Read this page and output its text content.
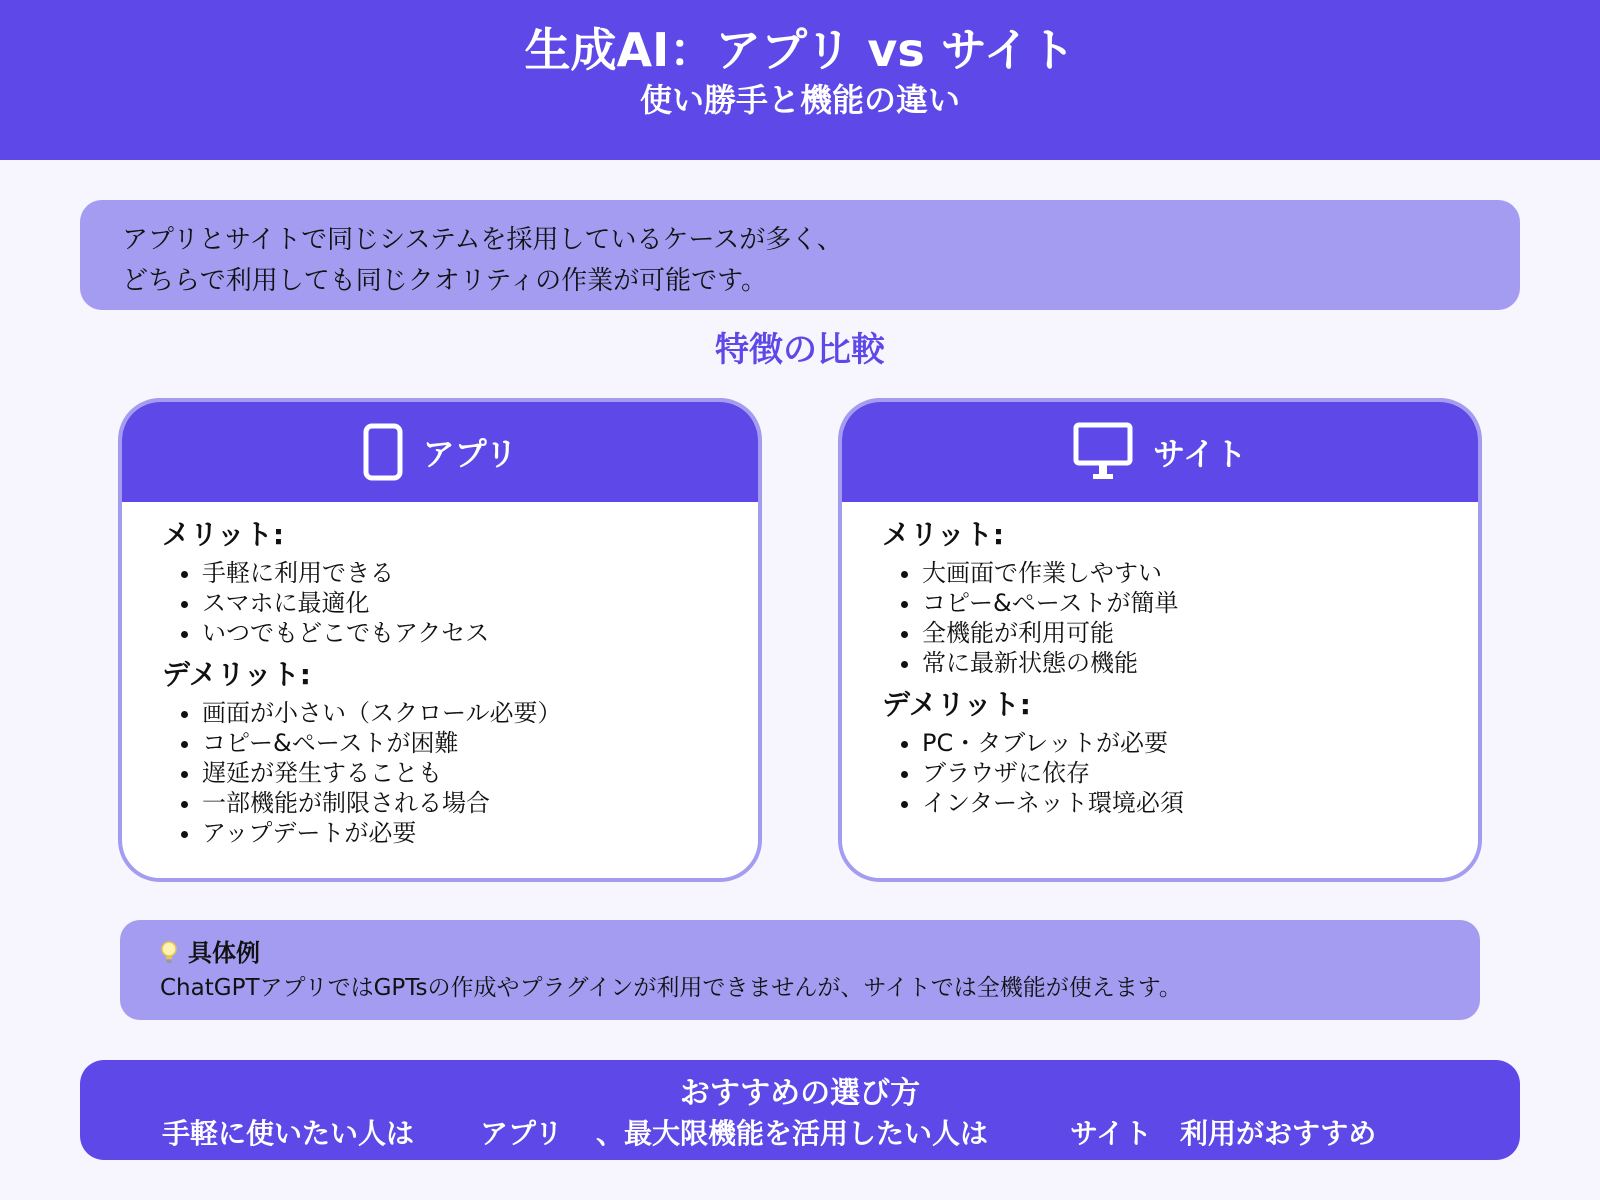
生成AI：アプリ vs サイト
使い勝手と機能の違い
アプリとサイトで同じシステムを採用しているケースが多く、
どちらで利用しても同じクオリティの作業が可能です。
特徴の比較
アプリ
メリット:
• 手軽に利用できる
• スマホに最適化
• いつでもどこでもアクセス
デメリット:
• 画面が小さい（スクロール必要）
• コピー&ペーストが困難
• 遅延が発生することも
• 一部機能が制限される場合
• アップデートが必要
サイト
メリット:
• 大画面で作業しやすい
• コピー&ペーストが簡単
• 全機能が利用可能
• 常に最新状態の機能
デメリット:
• PC・タブレットが必要
• ブラウザに依存
• インターネット環境必須
具体例
ChatGPTアプリではGPTsの作成やプラグインが利用できませんが、サイトでは全機能が使えます。
おすすめの選び方
手軽に使いたい人は アプリ 、最大限機能を活用したい人は	サイト 利用がおすすめ
